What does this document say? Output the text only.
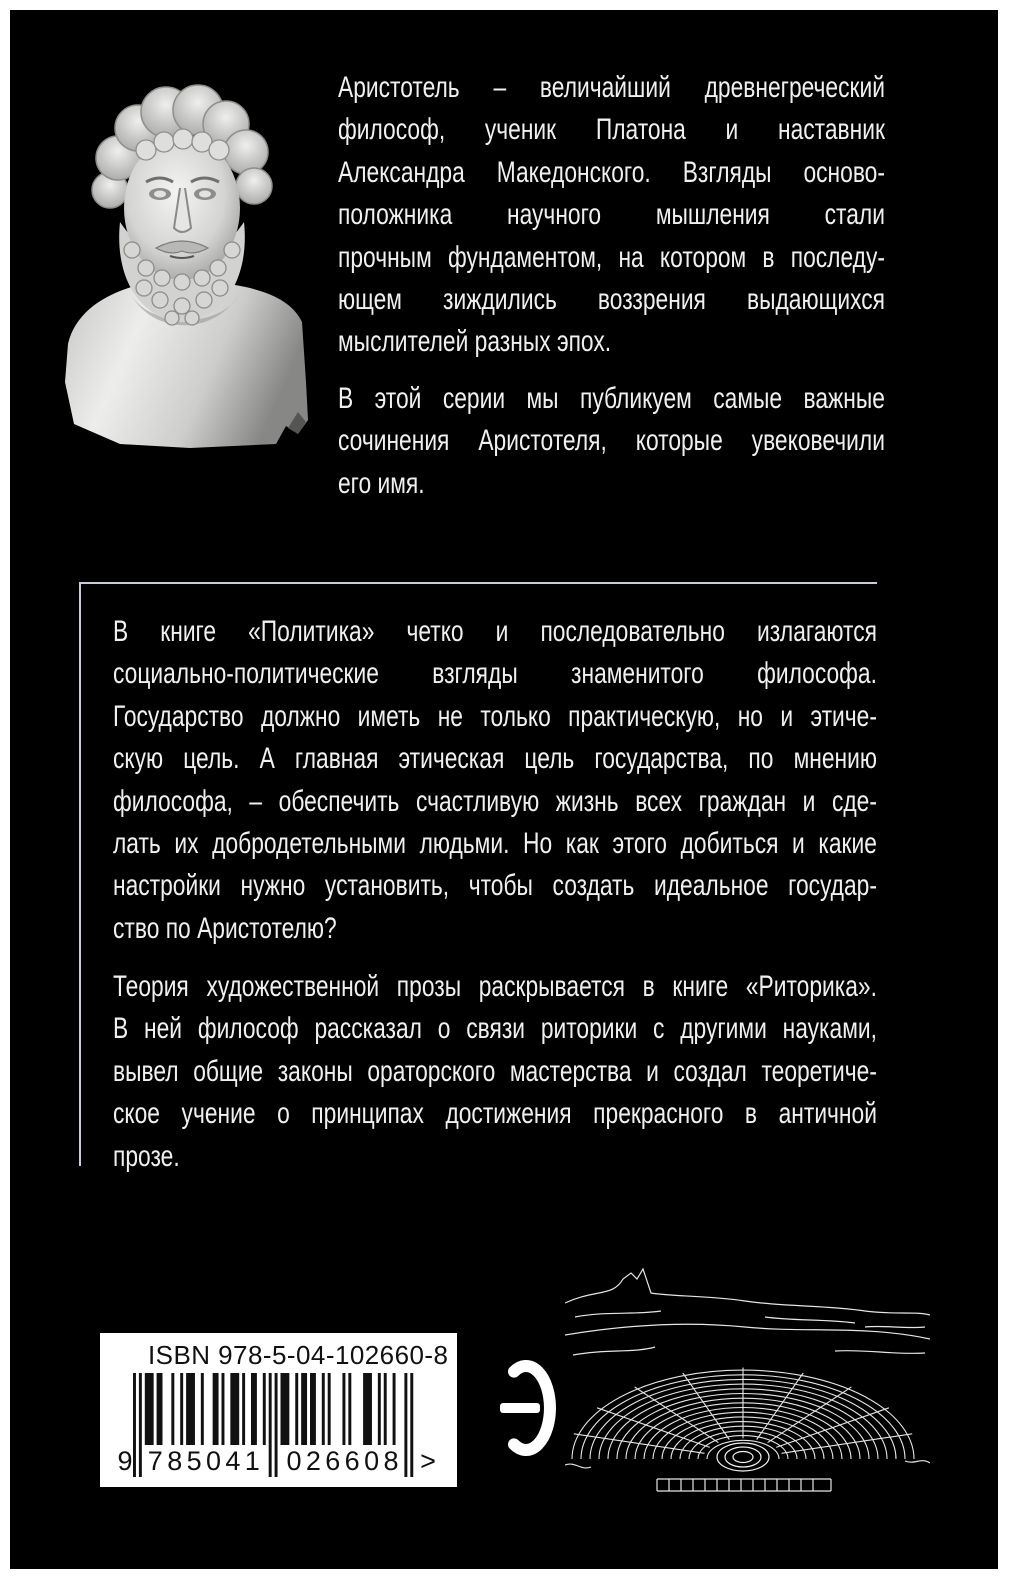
Аристотель – величайший древнегреческий
философ, ученик Платона и наставник
Александра Македонского. Взгляды осново-
положника научного мышления стали
прочным фундаментом, на котором в последу-
ющем зиждились воззрения выдающихся
мыслителей разных эпох.
В этой серии мы публикуем самые важные
сочинения Аристотеля, которые увековечили
его имя.
В книге «Политика» четко и последовательно излагаются
социально-политические взгляды знаменитого философа.
Государство должно иметь не только практическую, но и этиче-
скую цель. А главная этическая цель государства, по мнению
философа, – обеспечить счастливую жизнь всех граждан и сде-
лать их добродетельными людьми. Но как этого добиться и какие
настройки нужно установить, чтобы создать идеальное государ-
ство по Аристотелю?
Теория художественной прозы раскрывается в книге «Риторика».
В ней философ рассказал о связи риторики с другими науками,
вывел общие законы ораторского мастерства и создал теоретиче-
ское учение о принципах достижения прекрасного в античной
прозе.
ISBN 978-5-04-102660-8
9 785041 026608 >
